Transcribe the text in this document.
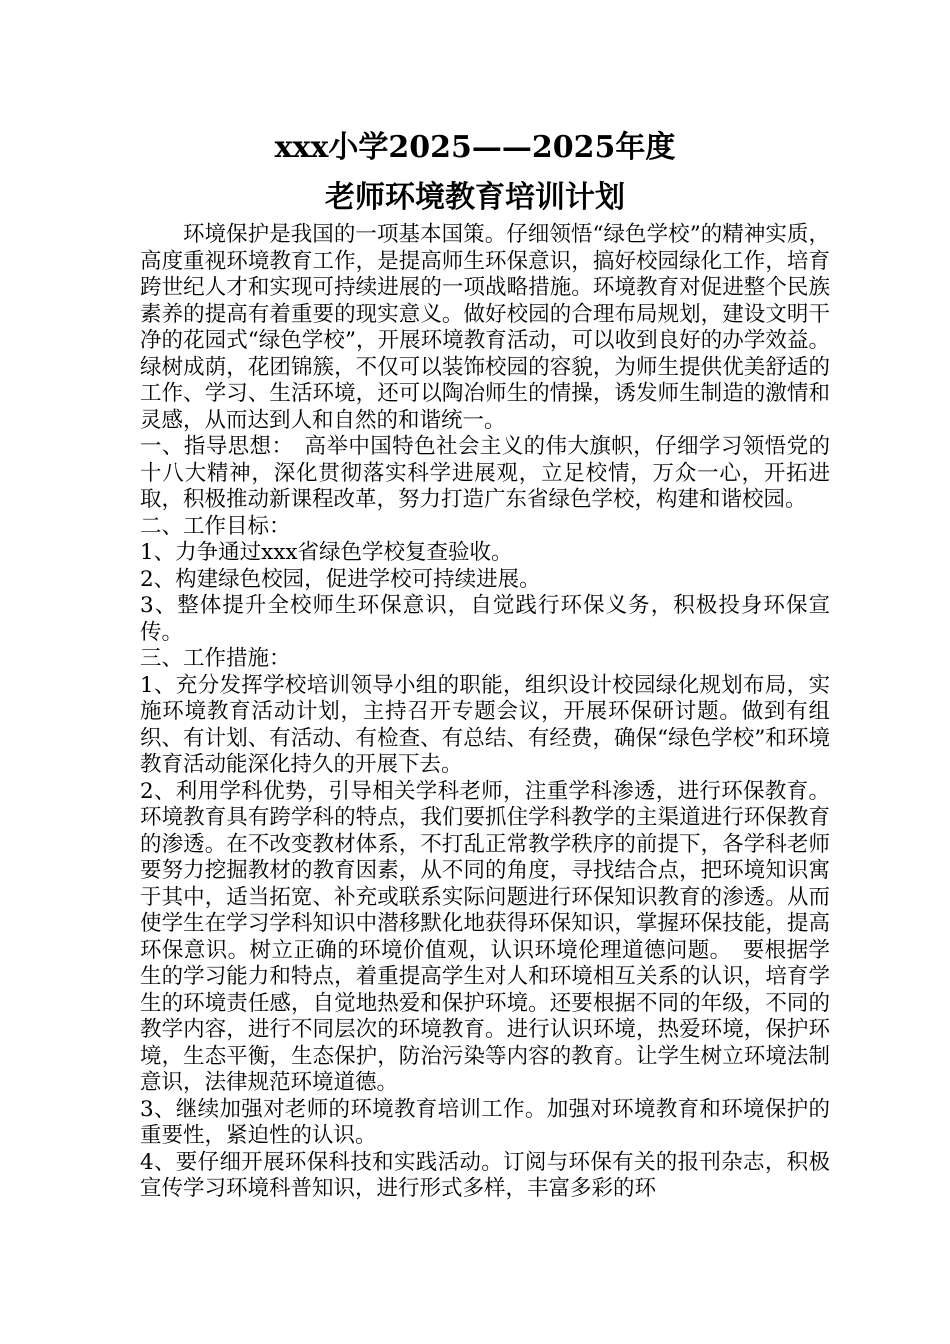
xxx小学2025——2025年度
老师环境教育培训计划

环境保护是我国的一项基本国策。仔细领悟“绿色学校”的精神实质，高度重视环境教育工作，是提高师生环保意识，搞好校园绿化工作，培育跨世纪人才和实现可持续进展的一项战略措施。环境教育对促进整个民族素养的提高有着重要的现实意义。做好校园的合理布局规划，建设文明干净的花园式“绿色学校”，开展环境教育活动，可以收到良好的办学效益。绿树成荫，花团锦簇，不仅可以装饰校园的容貌，为师生提供优美舒适的工作、学习、生活环境，还可以陶冶师生的情操，诱发师生制造的激情和灵感，从而达到人和自然的和谐统一。

一、指导思想：　高举中国特色社会主义的伟大旗帜，仔细学习领悟党的十八大精神，深化贯彻落实科学进展观，立足校情，万众一心，开拓进取，积极推动新课程改革，努力打造广东省绿色学校，构建和谐校园。

二、工作目标：

1、力争通过xxx省绿色学校复查验收。

2、构建绿色校园，促进学校可持续进展。

3、整体提升全校师生环保意识，自觉践行环保义务，积极投身环保宣传。

三、工作措施：

1、充分发挥学校培训领导小组的职能，组织设计校园绿化规划布局，实施环境教育活动计划，主持召开专题会议，开展环保研讨题。做到有组织、有计划、有活动、有检查、有总结、有经费，确保“绿色学校”和环境教育活动能深化持久的开展下去。

2、利用学科优势，引导相关学科老师，注重学科渗透，进行环保教育。环境教育具有跨学科的特点，我们要抓住学科教学的主渠道进行环保教育的渗透。在不改变教材体系，不打乱正常教学秩序的前提下，各学科老师要努力挖掘教材的教育因素，从不同的角度，寻找结合点，把环境知识寓于其中，适当拓宽、补充或联系实际问题进行环保知识教育的渗透。从而使学生在学习学科知识中潜移默化地获得环保知识，掌握环保技能，提高环保意识。树立正确的环境价值观，认识环境伦理道德问题。　要根据学生的学习能力和特点，着重提高学生对人和环境相互关系的认识，培育学生的环境责任感，自觉地热爱和保护环境。还要根据不同的年级，不同的教学内容，进行不同层次的环境教育。进行认识环境，热爱环境，保护环境，生态平衡，生态保护，防治污染等内容的教育。让学生树立环境法制意识，法律规范环境道德。

3、继续加强对老师的环境教育培训工作。加强对环境教育和环境保护的重要性，紧迫性的认识。

4、要仔细开展环保科技和实践活动。订阅与环保有关的报刊杂志，积极宣传学习环境科普知识，进行形式多样，丰富多彩的环
